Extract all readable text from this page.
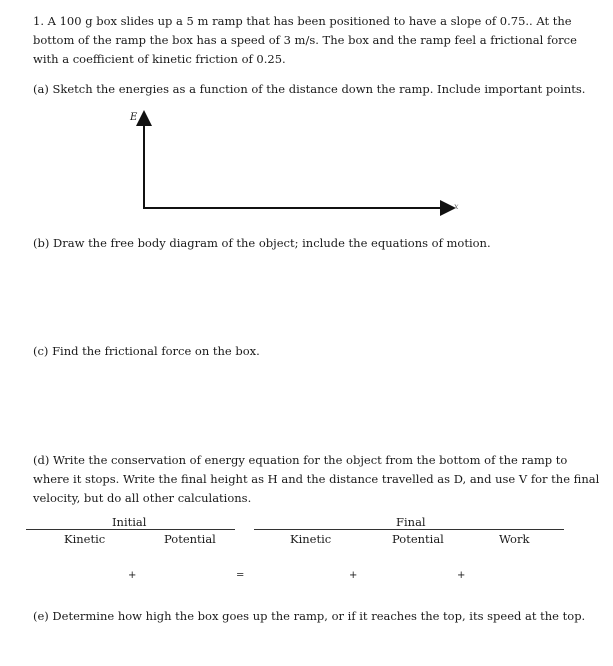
1. A 100 g box slides up a 5 m ramp that has been positioned to have a slope of 0.75.. At the
bottom of the ramp the box has a speed of 3 m/s. The box and the ramp feel a frictional force
with a coefficient of kinetic friction of 0.25.
(a) Sketch the energies as a function of the distance down the ramp. Include important points.
E
x
(b) Draw the free body diagram of the object; include the equations of motion.
(c) Find the frictional force on the box.
(d) Write the conservation of energy equation for the object from the bottom of the ramp to
where it stops. Write the final height as H and the distance travelled as D, and use V for the final
velocity, but do all other calculations.
Initial	Final
Kinetic	Potential	Kinetic	Potential	Work
+	=	+	+
(e) Determine how high the box goes up the ramp, or if it reaches the top, its speed at the top.
